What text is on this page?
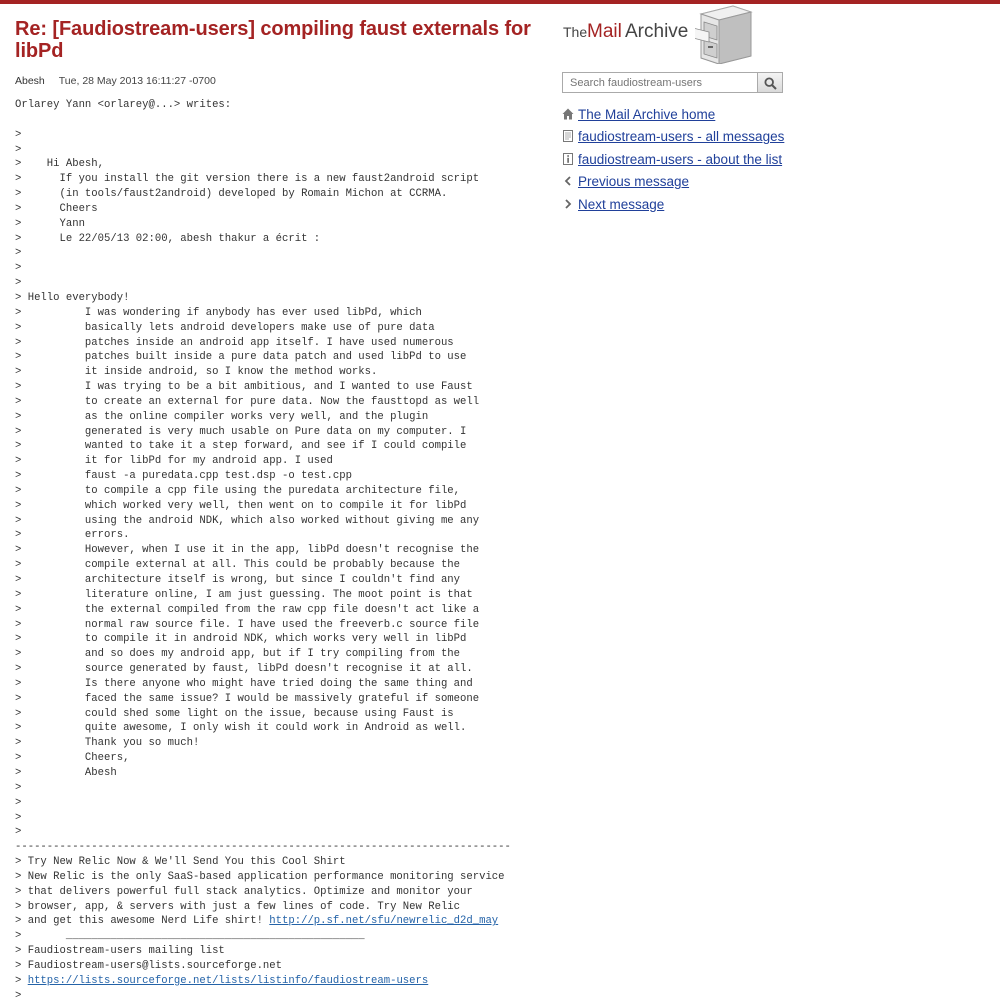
Re: [Faudiostream-users] compiling faust externals for libPd
Abesh Tue, 28 May 2013 16:11:27 -0700
Orlarey Yann <orlarey@...> writes:
>
>
>    Hi Abesh,
>      If you install the git version there is a new faust2android script
>      (in tools/faust2android) developed by Romain Michon at CCRMA.
>      Cheers
>      Yann
>      Le 22/05/13 02:00, abesh thakur a écrit :
>
>
>
> Hello everybody!
>          I was wondering if anybody has ever used libPd, which
>          basically lets android developers make use of pure data
>          patches inside an android app itself. I have used numerous
>          patches built inside a pure data patch and used libPd to use
>          it inside android, so I know the method works.
>          I was trying to be a bit ambitious, and I wanted to use Faust
>          to create an external for pure data. Now the fausttopd as well
>          as the online compiler works very well, and the plugin
>          generated is very much usable on Pure data on my computer. I
>          wanted to take it a step forward, and see if I could compile
>          it for libPd for my android app. I used
>          faust -a puredata.cpp test.dsp -o test.cpp
>          to compile a cpp file using the puredata architecture file,
>          which worked very well, then went on to compile it for libPd
>          using the android NDK, which also worked without giving me any
>          errors.
>          However, when I use it in the app, libPd doesn't recognise the
>          compile external at all. This could be probably because the
>          architecture itself is wrong, but since I couldn't find any
>          literature online, I am just guessing. The moot point is that
>          the external compiled from the raw cpp file doesn't act like a
>          normal raw source file. I have used the freeverb.c source file
>          to compile it in android NDK, which works very well in libPd
>          and so does my android app, but if I try compiling from the
>          source generated by faust, libPd doesn't recognise it at all.
>          Is there anyone who might have tried doing the same thing and
>          faced the same issue? I would be massively grateful if someone
>          could shed some light on the issue, because using Faust is
>          quite awesome, I only wish it could work in Android as well.
>          Thank you so much!
>          Cheers,
>          Abesh
>
>
>
>
------------------------------------------------------------------------------
> Try New Relic Now & We'll Send You this Cool Shirt
> New Relic is the only SaaS-based application performance monitoring service
> that delivers powerful full stack analytics. Optimize and monitor your
> browser, app, & servers with just a few lines of code. Try New Relic
> and get this awesome Nerd Life shirt! http://p.sf.net/sfu/newrelic_d2d_may
>       _______________________________________________
> Faudiostream-users mailing list
> Faudiostream-users@lists.sourceforge.net
> https://lists.sourceforge.net/lists/listinfo/faudiostream-users
>
The Mail Archive
Search faudiostream-users
The Mail Archive home
faudiostream-users - all messages
faudiostream-users - about the list
Previous message
Next message
